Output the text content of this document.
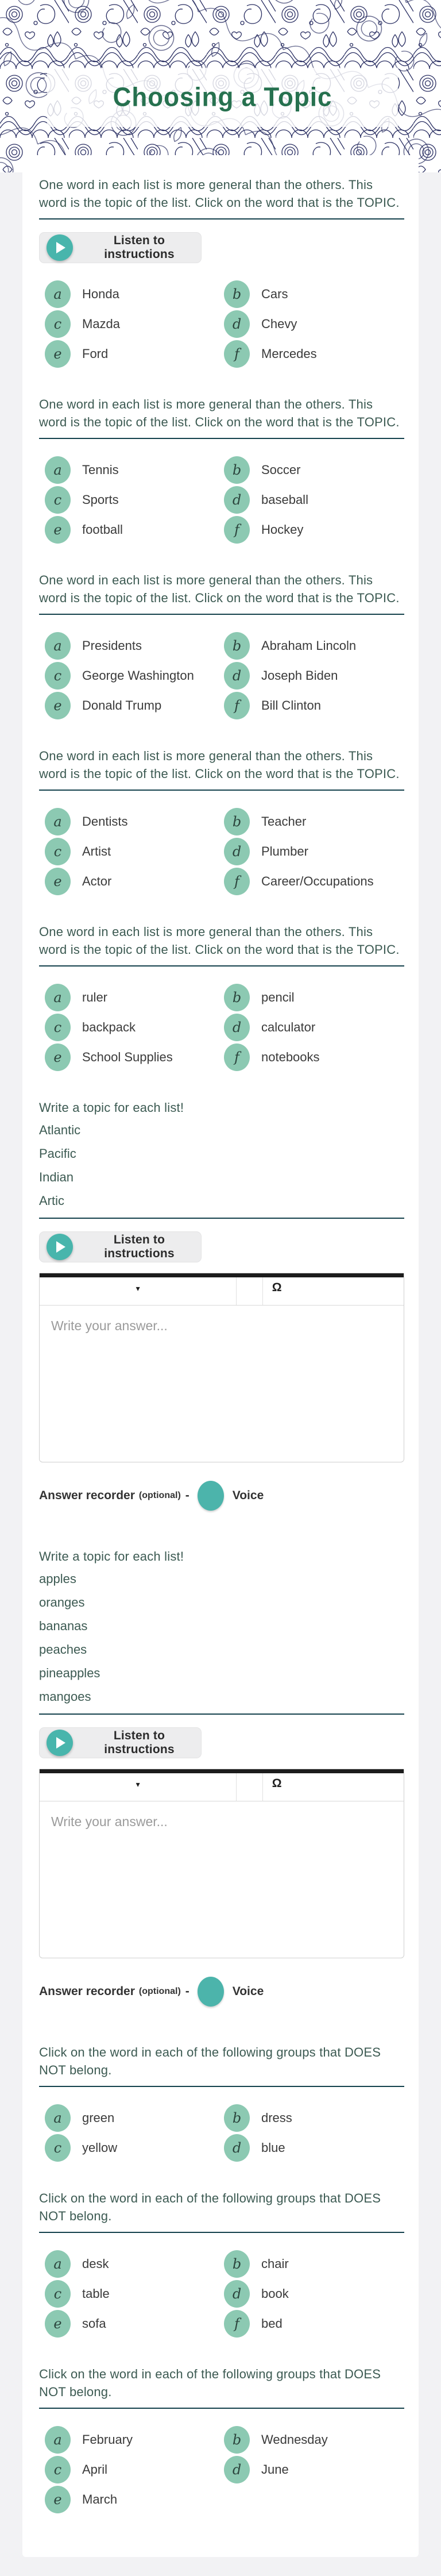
Choosing a Topic

One word in each list is more general than the others. This word is the topic of the list. Click on the word that is the TOPIC.

Listen to instructions
a	Honda	b	Cars
c	Mazda	d	Chevy
e	Ford	f	Mercedes

One word in each list is more general than the others. This word is the topic of the list. Click on the word that is the TOPIC.

a	Tennis	b	Soccer
c	Sports	d	baseball
e	football	f	Hockey

One word in each list is more general than the others. This word is the topic of the list. Click on the word that is the TOPIC.

a	Presidents	b	Abraham Lincoln
c	George Washington	d	Joseph Biden
e	Donald Trump	f	Bill Clinton

One word in each list is more general than the others. This word is the topic of the list. Click on the word that is the TOPIC.

a	Dentists	b	Teacher
c	Artist	d	Plumber
e	Actor	f	Career/Occupations

One word in each list is more general than the others. This word is the topic of the list. Click on the word that is the TOPIC.

a	ruler	b	pencil
c	backpack	d	calculator
e	School Supplies	f	notebooks

Write a topic for each list!

Atlantic

Pacific

Indian

Artic

Listen to instructions
▾	Ω
Write your answer...
Answer recorder (optional) -	Voice

Write a topic for each list!

apples

oranges

bananas

peaches

pineapples

mangoes

Listen to instructions
▾	Ω
Write your answer...
Answer recorder (optional) -	Voice

Click on the word in each of the following groups that DOES NOT belong.

a	green	b	dress
c	yellow	d	blue

Click on the word in each of the following groups that DOES NOT belong.

a	desk	b	chair
c	table	d	book
e	sofa	f	bed

Click on the word in each of the following groups that DOES NOT belong.

a	February	b	Wednesday
c	April	d	June
e	March
